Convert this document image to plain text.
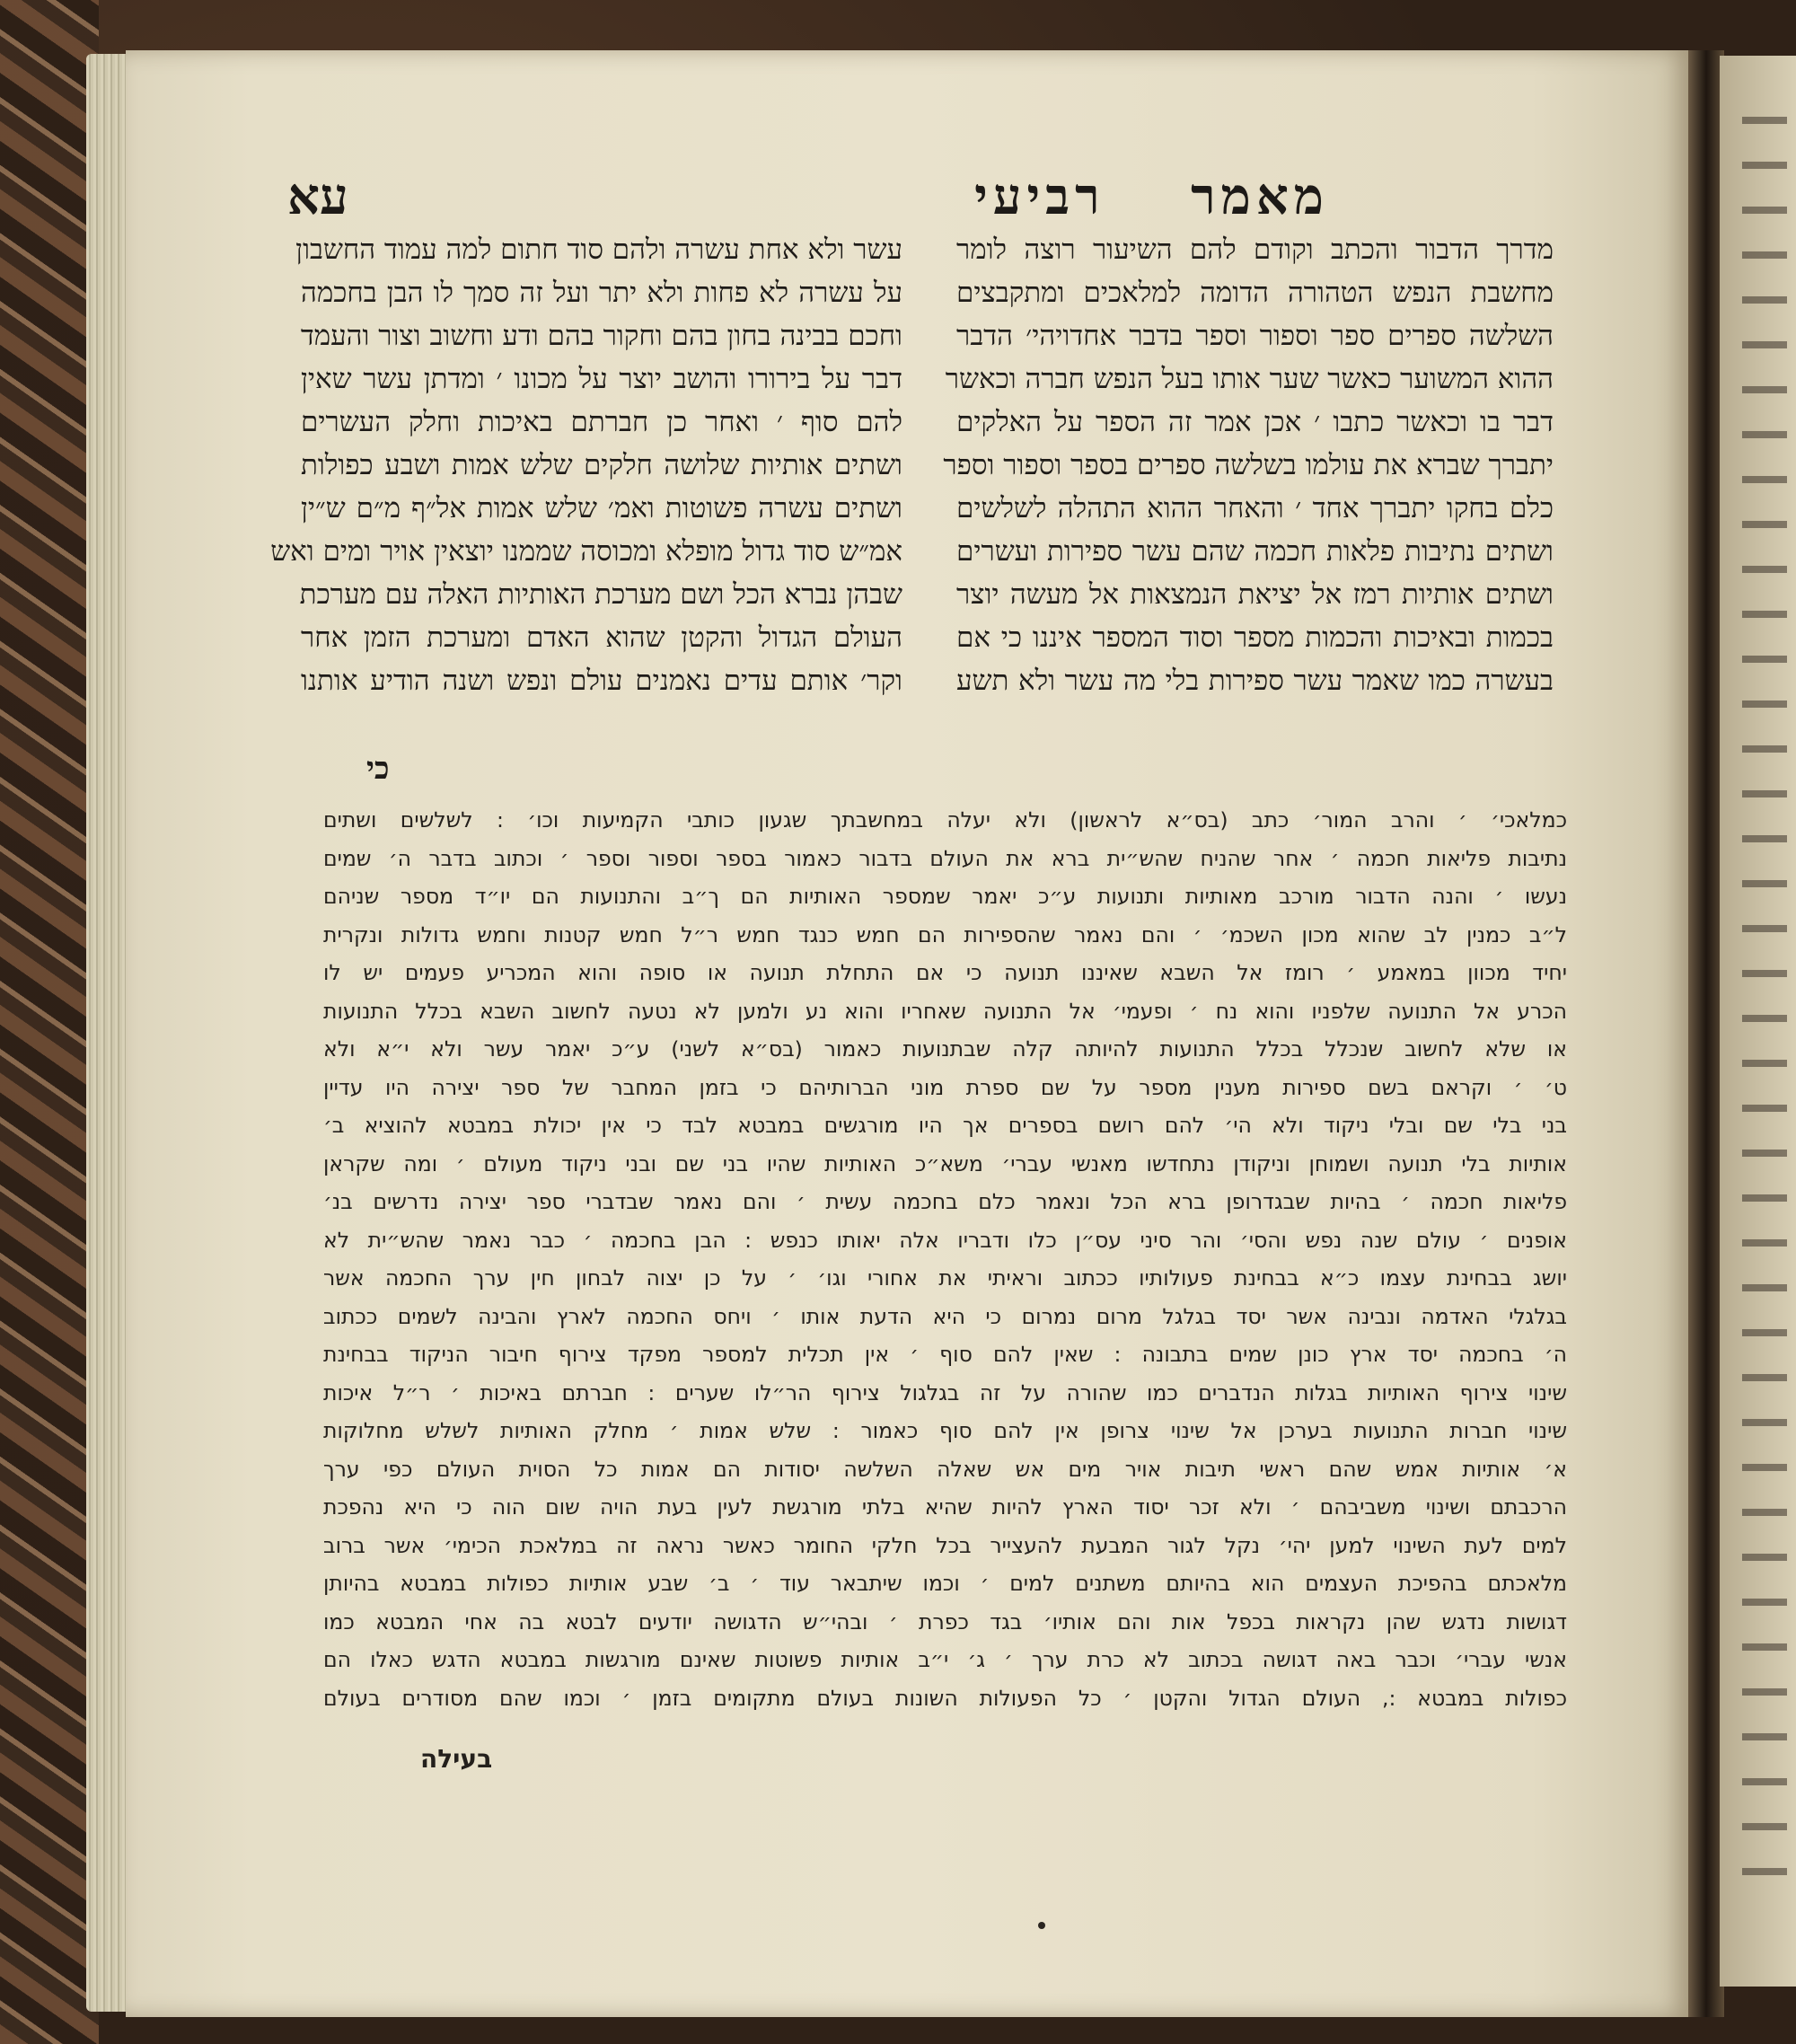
מאמר רביעי
עא
מדרך הדבור והכתב וקודם להם השיעור רוצה לומר
מחשבת הנפש הטהורה הדומה למלאכים ומתקבצים
השלשה ספרים ספר וספור וספר בדבר אחדויהי׳ הדבר
ההוא המשוער כאשר שער אותו בעל הנפש חברה וכאשר
דבר בו וכאשר כתבו ׳ אכן אמר זה הספר על האלקים
יתברך שברא את עולמו בשלשה ספרים בספר וספור וספר
כלם בחקו יתברך אחד ׳ והאחר ההוא התהלה לשלשים
ושתים נתיבות פלאות חכמה שהם עשר ספירות ועשרים
ושתים אותיות רמז אל יציאת הנמצאות אל מעשה יוצר
בכמות ובאיכות והכמות מספר וסוד המספר איננו כי אם
בעשרה כמו שאמר עשר ספירות בלי מה עשר ולא תשע
עשר ולא אחת עשרה ולהם סוד חתום למה עמוד החשבון
על עשרה לא פחות ולא יתר ועל זה סמך לו הבן בחכמה
וחכם בבינה בחון בהם וחקור בהם ודע וחשוב וצור והעמד
דבר על בירורו והושב יוצר על מכונו ׳ ומדתן עשר שאין
להם סוף ׳ ואחר כן חברתם באיכות וחלק העשרים
ושתים אותיות שלושה חלקים שלש אמות ושבע כפולות
ושתים עשרה פשוטות ואמ׳ שלש אמות אל״ף מ״ם ש״ין
אמ״ש סוד גדול מופלא ומכוסה שממנו יוצאין אויר ומים ואש
שבהן נברא הכל ושם מערכת האותיות האלה עם מערכת
העולם הגדול והקטן שהוא האדם ומערכת הזמן אחר
וקר׳ אותם עדים נאמנים עולם ונפש ושנה הודיע אותנו
כי
כמלאכי׳ ׳ והרב המור׳ כתב (בס״א לראשון) ולא יעלה במחשבתך שגעון כותבי הקמיעות וכו׳ : לשלשים ושתים
נתיבות פליאות חכמה ׳ אחר שהניח שהש״ית ברא את העולם בדבור כאמור בספר וספור וספר ׳ וכתוב בדבר ה׳ שמים
נעשו ׳ והנה הדבור מורכב מאותיות ותנועות ע״כ יאמר שמספר האותיות הם ך״ב והתנועות הם יו״ד מספר שניהם
ל״ב כמנין לב שהוא מכון השכמ׳ ׳ והם נאמר שהספירות הם חמש כנגד חמש ר״ל חמש קטנות וחמש גדולות ונקרית
יחיד מכוון במאמע ׳ רומז אל השבא שאיננו תנועה כי אם התחלת תנועה או סופה והוא המכריע פעמים יש לו
הכרע אל התנועה שלפניו והוא נח ׳ ופעמי׳ אל התנועה שאחריו והוא נע ולמען לא נטעה לחשוב השבא בכלל התנועות
או שלא לחשוב שנכלל בכלל התנועות להיותה קלה שבתנועות כאמור (בס״א לשני) ע״כ יאמר עשר ולא י״א ולא
ט׳ ׳ וקראם בשם ספירות מענין מספר על שם ספרת מוני הברותיהם כי בזמן המחבר של ספר יצירה היו עדיין
בני בלי שם ובלי ניקוד ולא הי׳ להם רושם בספרים אך היו מורגשים במבטא לבד כי אין יכולת במבטא להוציא ב׳
אותיות בלי תנועה ושמוחן וניקודן נתחדשו מאנשי עברי׳ משא״כ האותיות שהיו בני שם ובני ניקוד מעולם ׳ ומה שקראן
פליאות חכמה ׳ בהיות שבגדרופן ברא הכל ונאמר כלם בחכמה עשית ׳ והם נאמר שבדברי ספר יצירה נדרשים בנ׳
אופנים ׳ עולם שנה נפש והסי׳ והר סיני עס״ן כלו ודבריו אלה יאותו כנפש : הבן בחכמה ׳ כבר נאמר שהש״ית לא
יושג בבחינת עצמו כ״א בבחינת פעולותיו ככתוב וראיתי את אחורי וגו׳ ׳ על כן יצוה לבחון חין ערך החכמה אשר
בגלגלי האדמה ונבינה אשר יסד בגלגל מרום נמרום כי היא הדעת אותו ׳ ויחס החכמה לארץ והבינה לשמים ככתוב
ה׳ בחכמה יסד ארץ כונן שמים בתבונה : שאין להם סוף ׳ אין תכלית למספר מפקד צירוף חיבור הניקוד בבחינת
שינוי צירוף האותיות בגלות הנדברים כמו שהורה על זה בגלגול צירוף הר״לו שערים : חברתם באיכות ׳ ר״ל איכות
שינוי חברות התנועות בערכן אל שינוי צרופן אין להם סוף כאמור : שלש אמות ׳ מחלק האותיות לשלש מחלוקות
א׳ אותיות אמש שהם ראשי תיבות אויר מים אש שאלה השלשה יסודות הם אמות כל הסוית העולם כפי ערך
הרכבתם ושינוי משביבהם ׳ ולא זכר יסוד הארץ להיות שהיא בלתי מורגשת לעין בעת הויה שום הוה כי היא נהפכת
למים לעת השינוי למען יהי׳ נקל לגור המבעת להעצייר בכל חלקי החומר כאשר נראה זה במלאכת הכימי׳ אשר ברוב
מלאכתם בהפיכת העצמים הוא בהיותם משתנים למים ׳ וכמו שיתבאר עוד ׳ ב׳ שבע אותיות כפולות במבטא בהיותן
דגושות נדגש שהן נקראות בכפל אות והם אותיו׳ בגד כפרת ׳ ובהי״ש הדגושה יודעים לבטא בה אחי המבטא כמו
אנשי עברי׳ וכבר באה דגושה בכתוב לא כרת ערך ׳ ג׳ י״ב אותיות פשוטות שאינם מורגשות במבטא הדגש כאלו הם
כפולות במבטא :, העולם הגדול והקטן ׳ כל הפעולות השונות בעולם מתקומים בזמן ׳ וכמו שהם מסודרים בעולם
בעילה
